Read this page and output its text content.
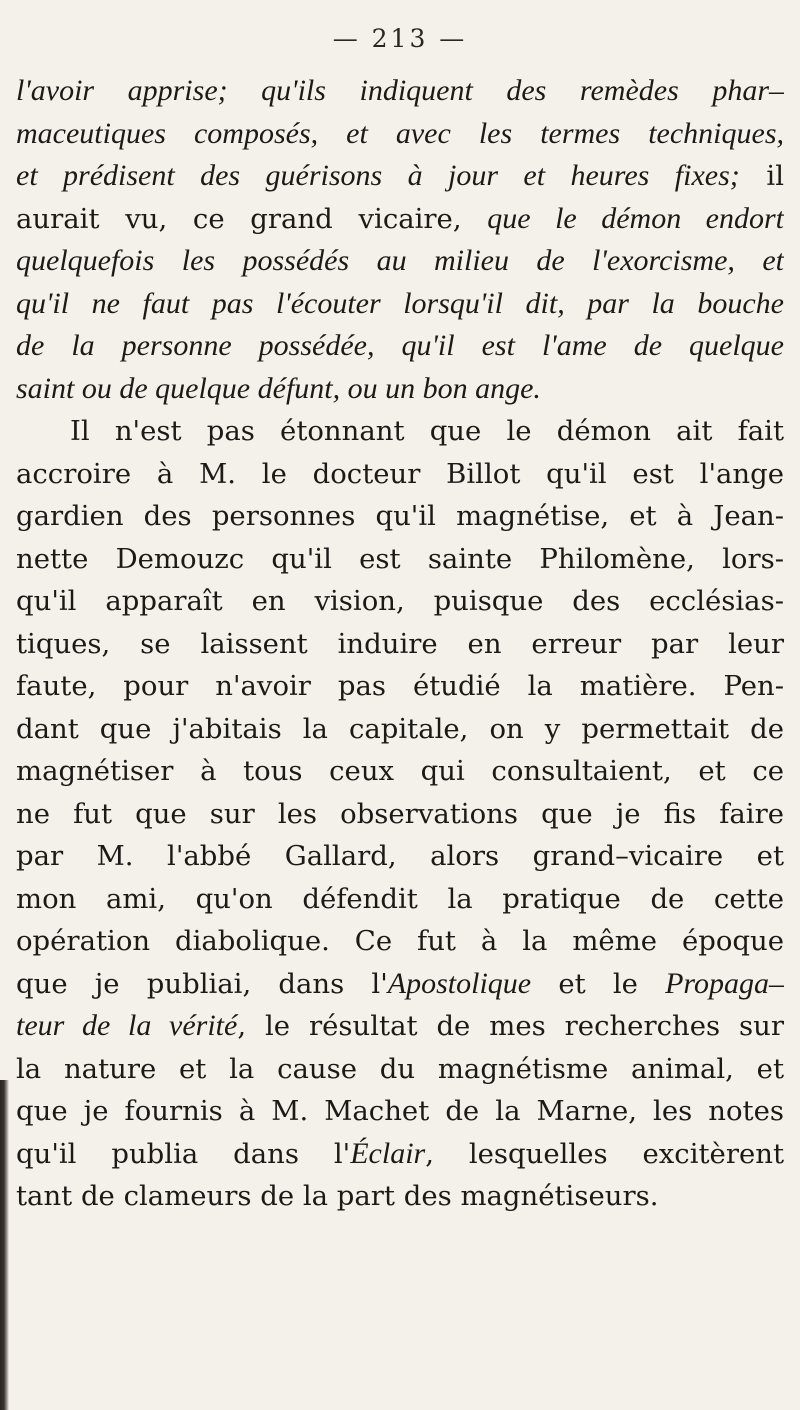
— 213 —
l'avoir apprise; qu'ils indiquent des remèdes phar–
maceutiques composés, et avec les termes techniques,
et prédisent des guérisons à jour et heures fixes; il
aurait vu, ce grand vicaire, que le démon endort
quelquefois les possédés au milieu de l'exorcisme, et
qu'il ne faut pas l'écouter lorsqu'il dit, par la bouche
de la personne possédée, qu'il est l'ame de quelque
saint ou de quelque défunt, ou un bon ange.
Il n'est pas étonnant que le démon ait fait
accroire à M. le docteur Billot qu'il est l'ange
gardien des personnes qu'il magnétise, et à Jean-
nette Demouzc qu'il est sainte Philomène, lors-
qu'il apparaît en vision, puisque des ecclésias-
tiques, se laissent induire en erreur par leur
faute, pour n'avoir pas étudié la matière. Pen-
dant que j'abitais la capitale, on y permettait de
magnétiser à tous ceux qui consultaient, et ce
ne fut que sur les observations que je fis faire
par M. l'abbé Gallard, alors grand–vicaire et
mon ami, qu'on défendit la pratique de cette
opération diabolique. Ce fut à la même époque
que je publiai, dans l'Apostolique et le Propaga–
teur de la vérité, le résultat de mes recherches sur
la nature et la cause du magnétisme animal, et
que je fournis à M. Machet de la Marne, les notes
qu'il publia dans l'Éclair, lesquelles excitèrent
tant de clameurs de la part des magnétiseurs.
